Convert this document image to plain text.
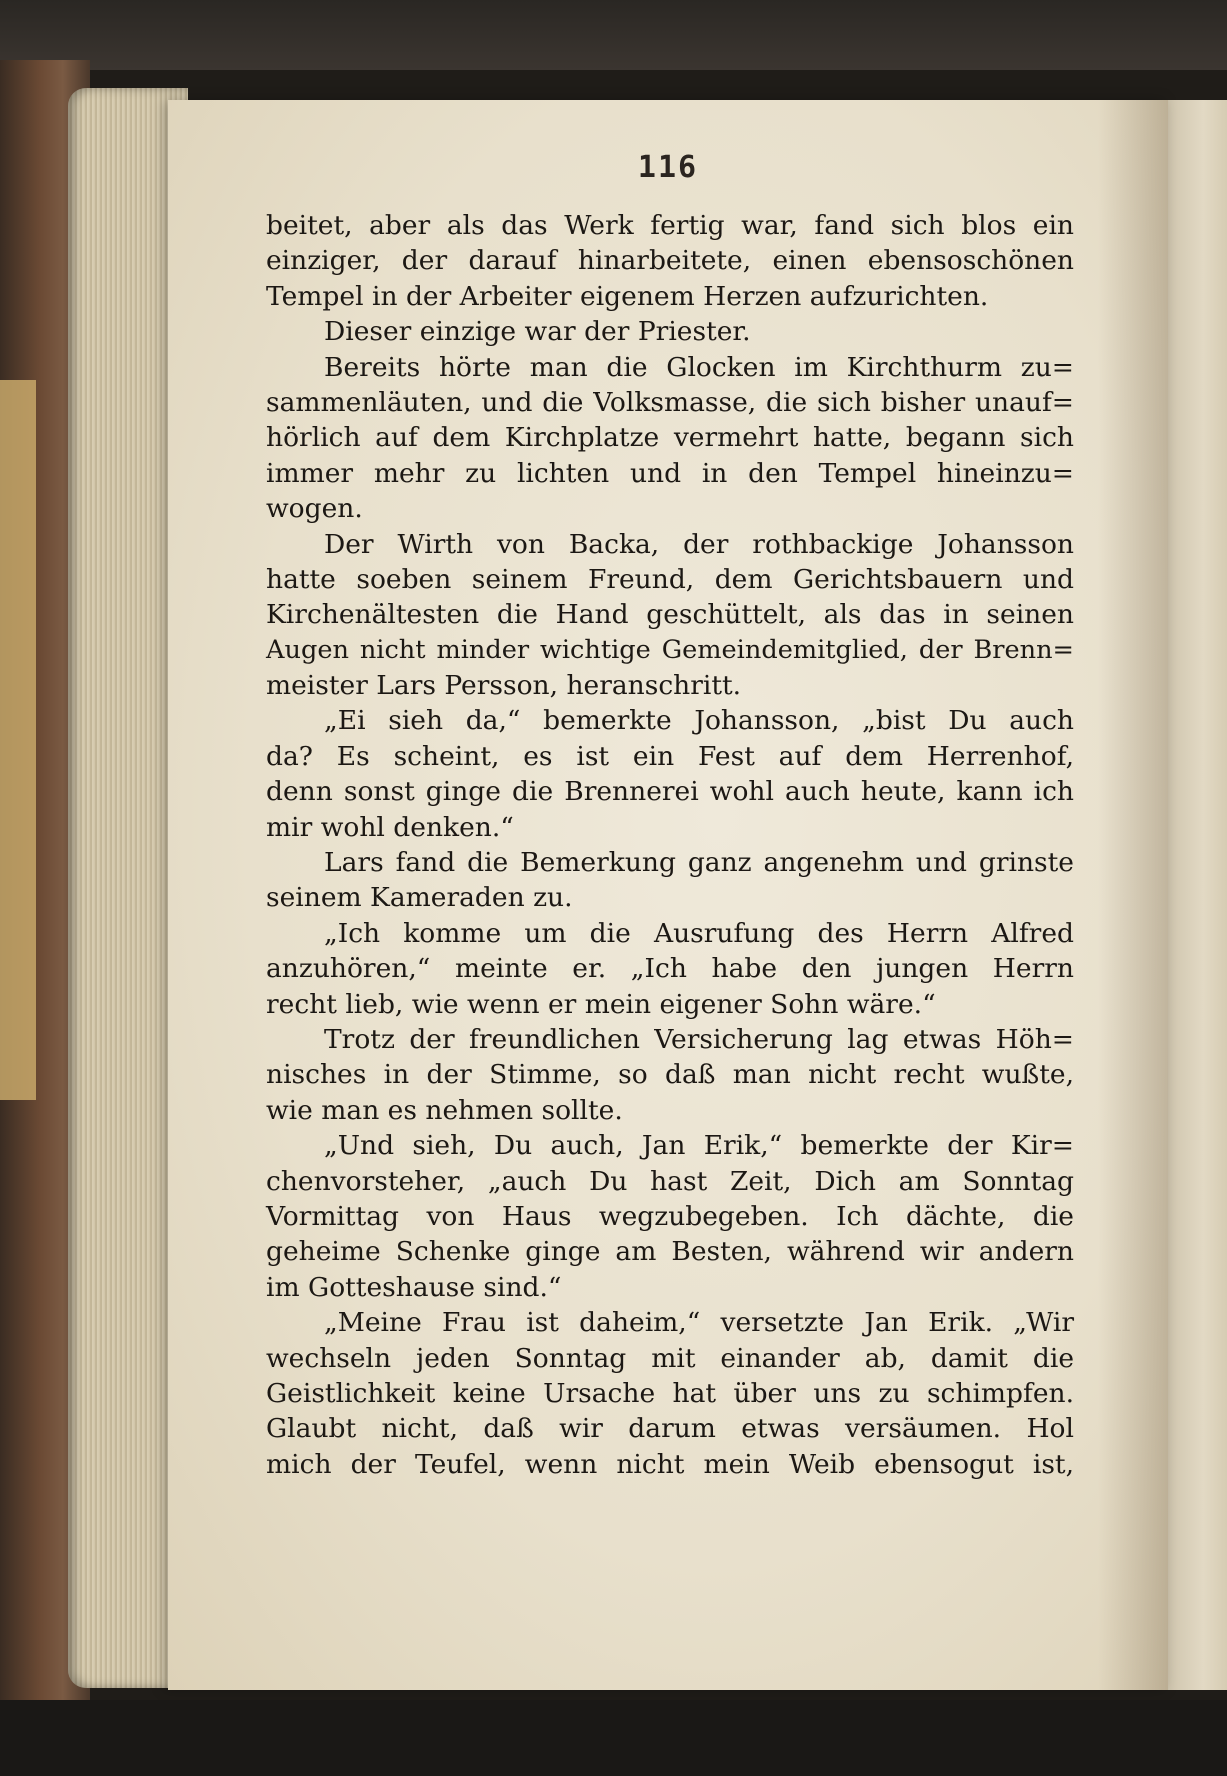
116
beitet, aber als das Werk fertig war, fand sich blos ein
einziger, der darauf hinarbeitete, einen ebensoschönen
Tempel in der Arbeiter eigenem Herzen aufzurichten.
Dieser einzige war der Priester.
Bereits hörte man die Glocken im Kirchthurm zu=
sammenläuten, und die Volksmasse, die sich bisher unauf=
hörlich auf dem Kirchplatze vermehrt hatte, begann sich
immer mehr zu lichten und in den Tempel hineinzu=
wogen.
Der Wirth von Backa, der rothbackige Johansson
hatte soeben seinem Freund, dem Gerichtsbauern und
Kirchenältesten die Hand geschüttelt, als das in seinen
Augen nicht minder wichtige Gemeindemitglied, der Brenn=
meister Lars Persson, heranschritt.
„Ei sieh da,“ bemerkte Johansson, „bist Du auch
da? Es scheint, es ist ein Fest auf dem Herrenhof,
denn sonst ginge die Brennerei wohl auch heute, kann ich
mir wohl denken.“
Lars fand die Bemerkung ganz angenehm und grinste
seinem Kameraden zu.
„Ich komme um die Ausrufung des Herrn Alfred
anzuhören,“ meinte er. „Ich habe den jungen Herrn
recht lieb, wie wenn er mein eigener Sohn wäre.“
Trotz der freundlichen Versicherung lag etwas Höh=
nisches in der Stimme, so daß man nicht recht wußte,
wie man es nehmen sollte.
„Und sieh, Du auch, Jan Erik,“ bemerkte der Kir=
chenvorsteher, „auch Du hast Zeit, Dich am Sonntag
Vormittag von Haus wegzubegeben. Ich dächte, die
geheime Schenke ginge am Besten, während wir andern
im Gotteshause sind.“
„Meine Frau ist daheim,“ versetzte Jan Erik. „Wir
wechseln jeden Sonntag mit einander ab, damit die
Geistlichkeit keine Ursache hat über uns zu schimpfen.
Glaubt nicht, daß wir darum etwas versäumen. Hol
mich der Teufel, wenn nicht mein Weib ebensogut ist,
